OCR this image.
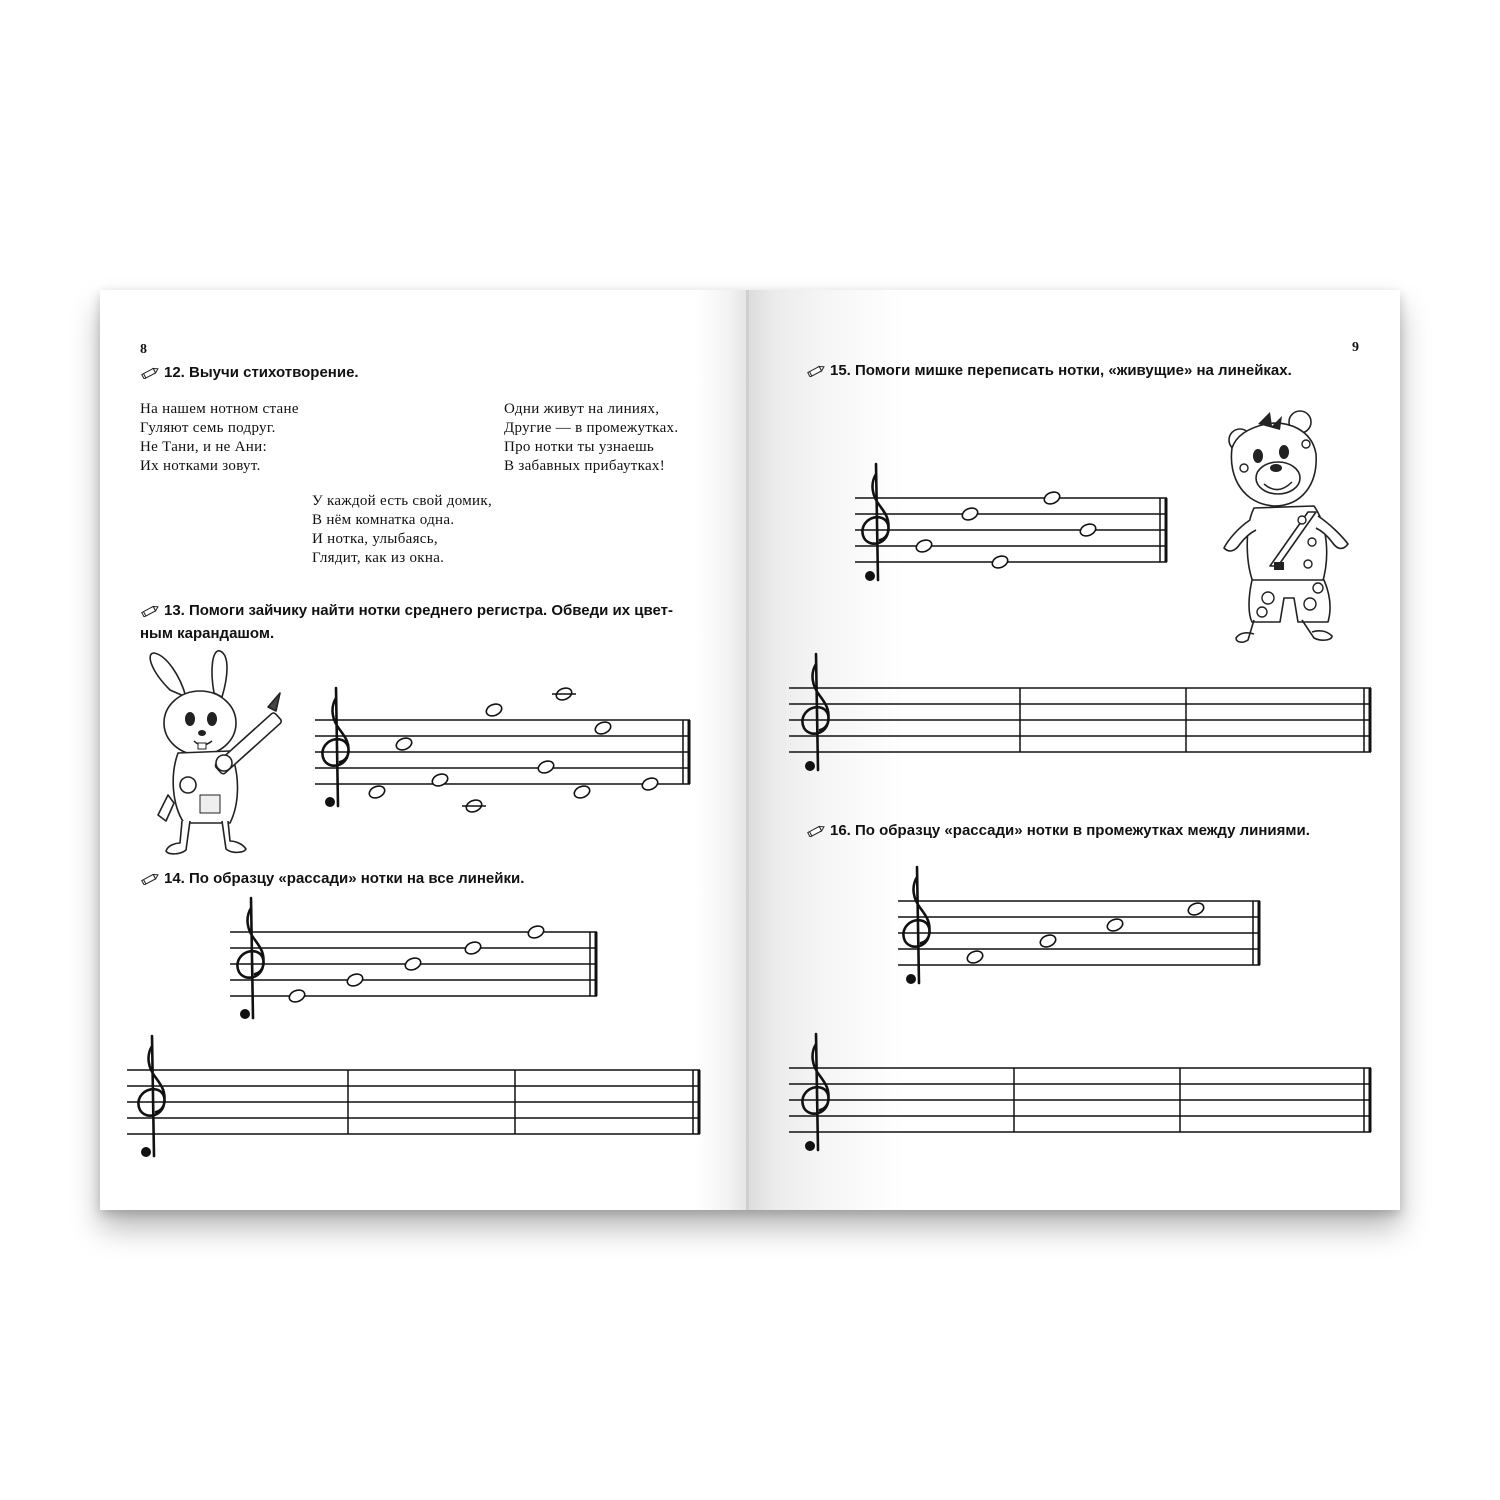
8
12. Выучи стихотворение.
На нашем нотном стане
Гуляют семь подруг.
Не Тани, и не Ани:
Их нотками зовут.
Одни живут на линиях,
Другие — в промежутках.
Про нотки ты узнаешь
В забавных прибаутках!
У каждой есть свой домик,
В нём комнатка одна.
И нотка, улыбаясь,
Глядит, как из окна.
13. Помоги зайчику найти нотки среднего регистра. Обведи их цвет-
ным карандашом.
14. По образцу «рассади» нотки на все линейки.
9
15. Помоги мишке переписать нотки, «живущие» на линейках.
16. По образцу «рассади» нотки в промежутках между линиями.
